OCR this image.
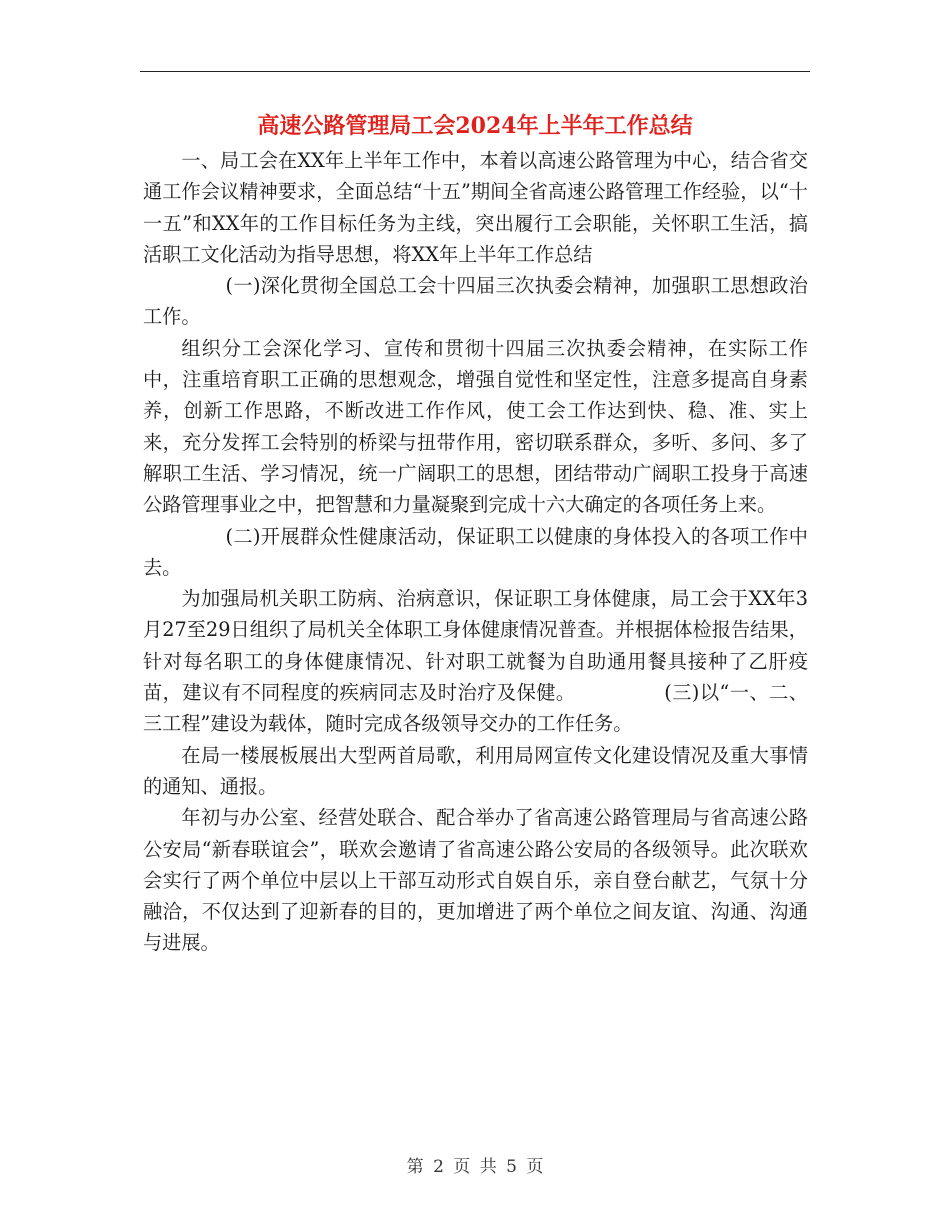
高速公路管理局工会2024年上半年工作总结

一、局工会在XX年上半年工作中，本着以高速公路管理为中心，结合省交通工作会议精神要求，全面总结“十五”期间全省高速公路管理工作经验，以“十一五”和XX年的工作目标任务为主线，突出履行工会职能，关怀职工生活，搞活职工文化活动为指导思想，将XX年上半年工作总结

(一)深化贯彻全国总工会十四届三次执委会精神，加强职工思想政治工作。

组织分工会深化学习、宣传和贯彻十四届三次执委会精神，在实际工作中，注重培育职工正确的思想观念，增强自觉性和坚定性，注意多提高自身素养，创新工作思路，不断改进工作作风，使工会工作达到快、稳、准、实上来，充分发挥工会特别的桥梁与扭带作用，密切联系群众，多听、多问、多了解职工生活、学习情况，统一广阔职工的思想，团结带动广阔职工投身于高速公路管理事业之中，把智慧和力量凝聚到完成十六大确定的各项任务上来。

(二)开展群众性健康活动，保证职工以健康的身体投入的各项工作中去。

为加强局机关职工防病、治病意识，保证职工身体健康，局工会于XX年3月27至29日组织了局机关全体职工身体健康情况普查。并根据体检报告结果，针对每名职工的身体健康情况、针对职工就餐为自助通用餐具接种了乙肝疫苗，建议有不同程度的疾病同志及时治疗及保健。　　　　　(三)以“一、二、三工程”建设为载体，随时完成各级领导交办的工作任务。

在局一楼展板展出大型两首局歌，利用局网宣传文化建设情况及重大事情的通知、通报。

年初与办公室、经营处联合、配合举办了省高速公路管理局与省高速公路公安局“新春联谊会”，联欢会邀请了省高速公路公安局的各级领导。此次联欢会实行了两个单位中层以上干部互动形式自娱自乐，亲自登台献艺，气氛十分融洽，不仅达到了迎新春的目的，更加增进了两个单位之间友谊、沟通、沟通与进展。

第 2 页 共 5 页
